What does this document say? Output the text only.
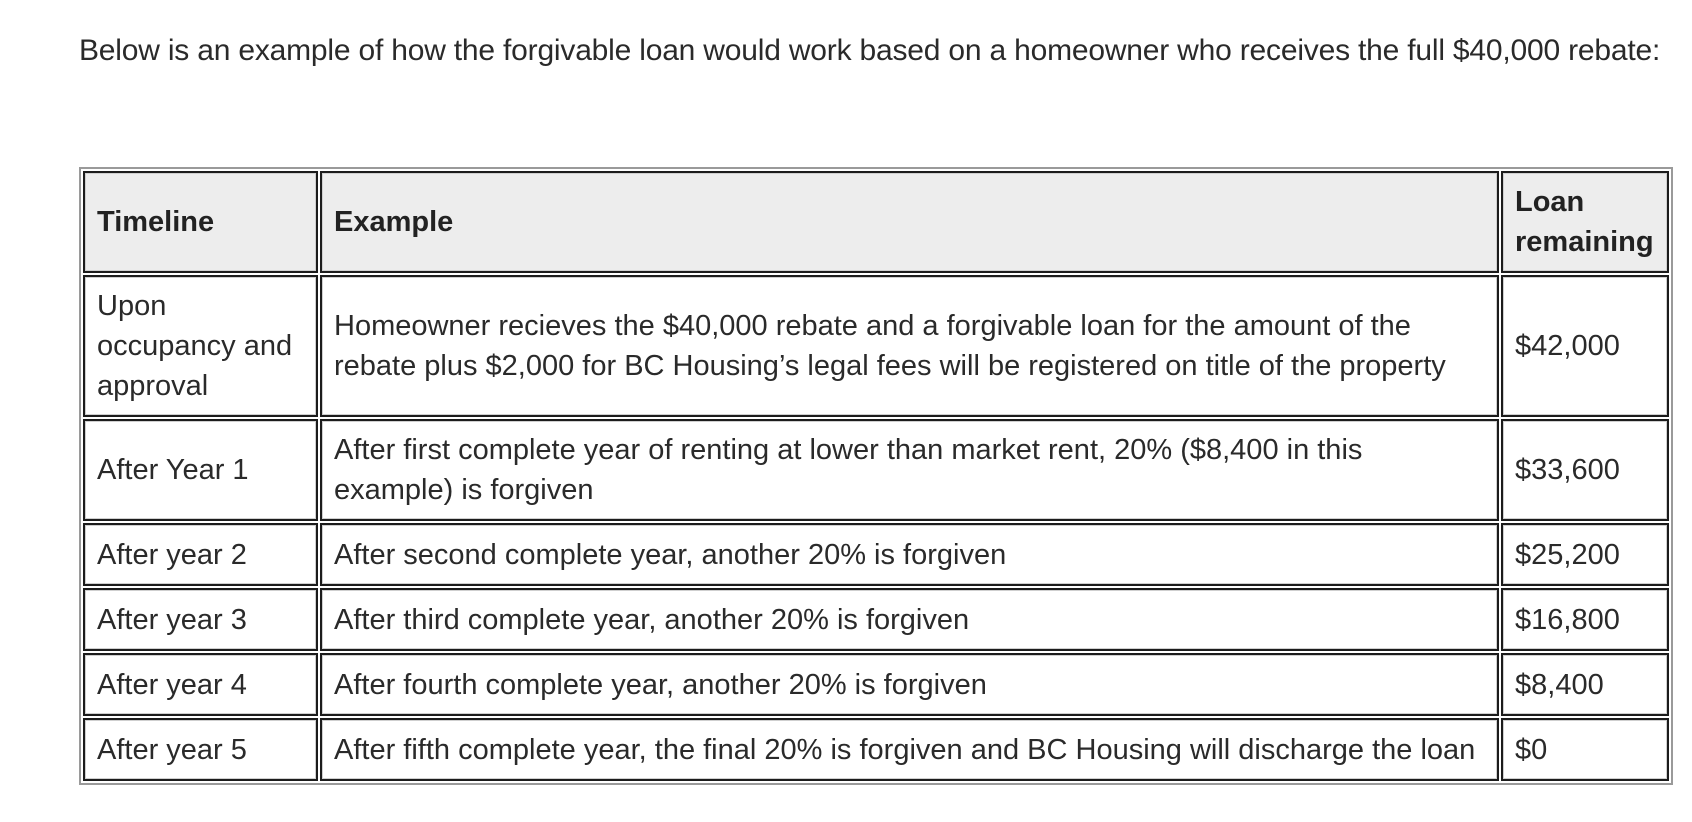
Below is an example of how the forgivable loan would work based on a homeowner who receives the full $40,000 rebate:

Timeline	Example	Loan remaining
Upon occupancy and approval	Homeowner recieves the $40,000 rebate and a forgivable loan for the amount of the rebate plus $2,000 for BC Housing’s legal fees will be registered on title of the property	$42,000
After Year 1	After first complete year of renting at lower than market rent, 20% ($8,400 in this example) is forgiven	$33,600
After year 2	After second complete year, another 20% is forgiven	$25,200
After year 3	After third complete year, another 20% is forgiven	$16,800
After year 4	After fourth complete year, another 20% is forgiven	$8,400
After year 5	After fifth complete year, the final 20% is forgiven and BC Housing will discharge the loan	$0
